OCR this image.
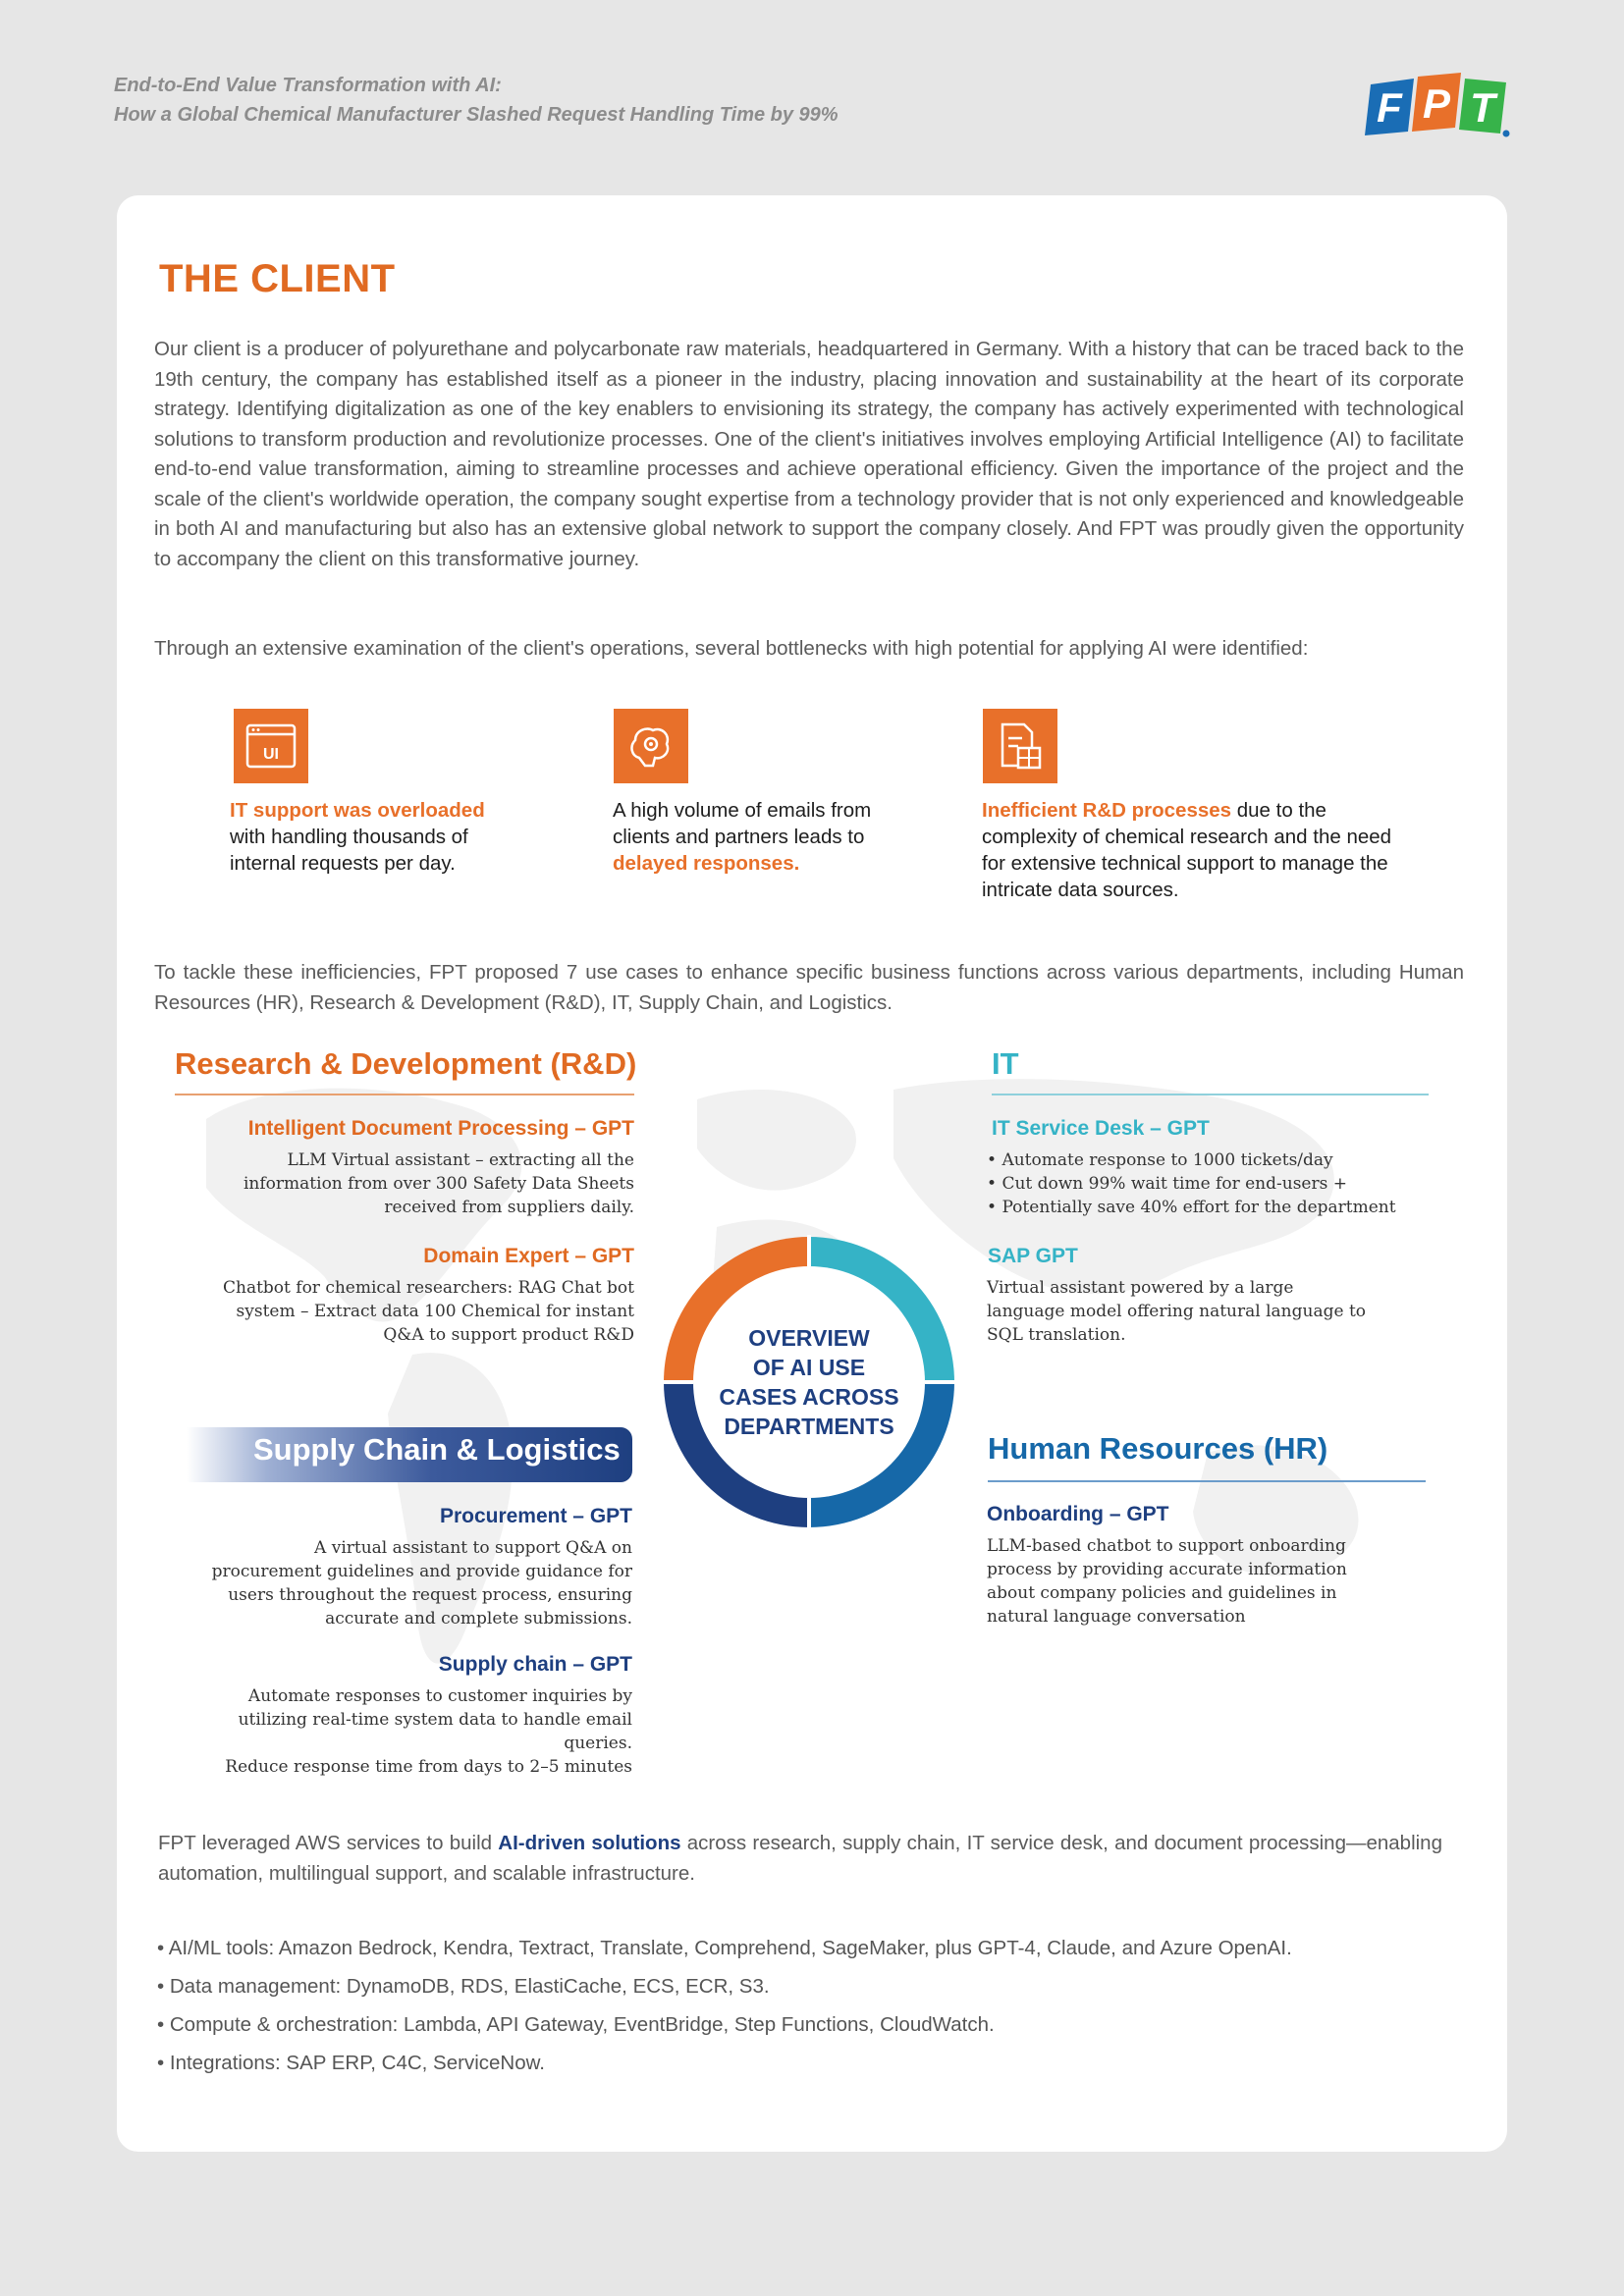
End-to-End Value Transformation with AI:
How a Global Chemical Manufacturer Slashed Request Handling Time by 99%	F P T
THE CLIENT
Our client is a producer of polyurethane and polycarbonate raw materials, headquartered in Germany. With a history that can be traced back to the 19th century, the company has established itself as a pioneer in the industry, placing innovation and sustainability at the heart of its corporate strategy. Identifying digitalization as one of the key enablers to envisioning its strategy, the company has actively experimented with technological solutions to transform production and revolutionize processes. One of the client's initiatives involves employing Artificial Intelligence (AI) to facilitate end-to-end value transformation, aiming to streamline processes and achieve operational efficiency. Given the importance of the project and the scale of the client's worldwide operation, the company sought expertise from a technology provider that is not only experienced and knowledgeable in both AI and manufacturing but also has an extensive global network to support the company closely. And FPT was proudly given the opportunity to accompany the client on this transformative journey.
Through an extensive examination of the client's operations, several bottlenecks with high potential for applying AI were identified:
UI
IT support was overloaded with handling thousands of internal requests per day.
A high volume of emails from clients and partners leads to delayed responses.
Inefficient R&D processes due to the complexity of chemical research and the need for extensive technical support to manage the intricate data sources.
To tackle these inefficiencies, FPT proposed 7 use cases to enhance specific business functions across various departments, including Human Resources (HR), Research & Development (R&D), IT, Supply Chain, and Logistics.
Research & Development (R&D)
Intelligent Document Processing – GPT
LLM Virtual assistant – extracting all the
information from over 300 Safety Data Sheets
received from suppliers daily.
Domain Expert – GPT
Chatbot for chemical researchers: RAG Chat bot
system – Extract data 100 Chemical for instant
Q&A to support product R&D
IT
IT Service Desk – GPT
• Automate response to 1000 tickets/day
• Cut down 99% wait time for end-users +
• Potentially save 40% effort for the department
SAP GPT
Virtual assistant powered by a large
language model offering natural language to
SQL translation.
OVERVIEW
OF AI USE
CASES ACROSS
DEPARTMENTS
Supply Chain & Logistics
Procurement – GPT
A virtual assistant to support Q&A on
procurement guidelines and provide guidance for
users throughout the request process, ensuring
accurate and complete submissions.
Supply chain – GPT
Automate responses to customer inquiries by
utilizing real-time system data to handle email
queries.
Reduce response time from days to 2–5 minutes
Human Resources (HR)
Onboarding – GPT
LLM-based chatbot to support onboarding
process by providing accurate information
about company policies and guidelines in
natural language conversation
FPT leveraged AWS services to build AI-driven solutions across research, supply chain, IT service desk, and document processing—enabling automation, multilingual support, and scalable infrastructure.
• AI/ML tools: Amazon Bedrock, Kendra, Textract, Translate, Comprehend, SageMaker, plus GPT-4, Claude, and Azure OpenAI.
• Data management: DynamoDB, RDS, ElastiCache, ECS, ECR, S3.
• Compute & orchestration: Lambda, API Gateway, EventBridge, Step Functions, CloudWatch.
• Integrations: SAP ERP, C4C, ServiceNow.
